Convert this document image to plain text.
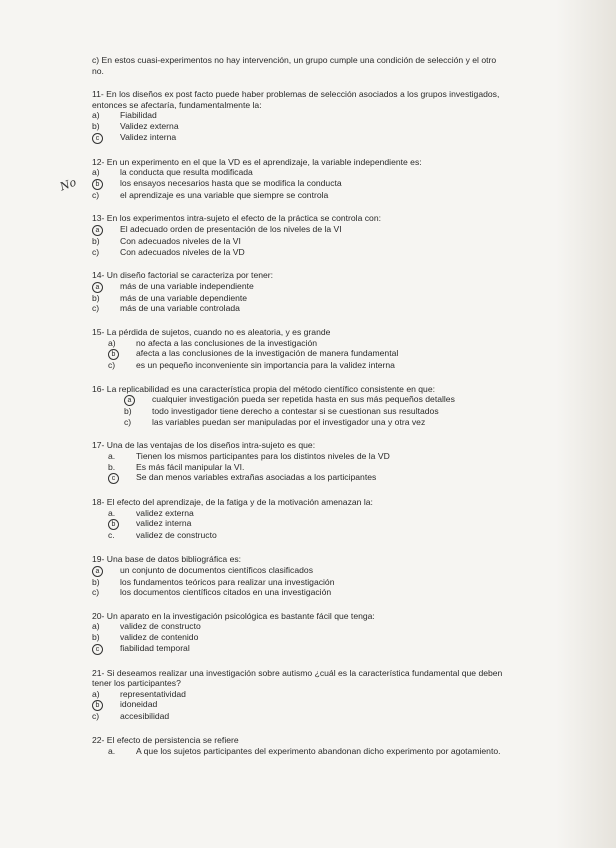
No
c) En estos cuasi-experimentos no hay intervención, un grupo cumple una condición de selección y el otro no.
11- En los diseños ex post facto puede haber problemas de selección asociados a los grupos investigados, entonces se afectaría, fundamentalmente la:
a)	Fiabilidad
b)	Validez externa
c	Validez interna
12- En un experimento en el que la VD es el aprendizaje, la variable independiente es:
a)	la conducta que resulta modificada
b	los ensayos necesarios hasta que se modifica la conducta
c)	el aprendizaje es una variable que siempre se controla
13- En los experimentos intra-sujeto el efecto de la práctica se controla con:
a	El adecuado orden de presentación de los niveles de la VI
b)	Con adecuados niveles de la VI
c)	Con adecuados niveles de la VD
14- Un diseño factorial se caracteriza por tener:
a	más de una variable independiente
b)	más de una variable dependiente
c)	más de una variable controlada
15- La pérdida de sujetos, cuando no es aleatoria, y es grande
a)	no afecta a las conclusiones de la investigación
b	afecta a las conclusiones de la investigación de manera fundamental
c)	es un pequeño inconveniente sin importancia para la validez interna
16- La replicabilidad es una característica propia del método científico consistente en que:
a	cualquier investigación pueda ser repetida hasta en sus más pequeños detalles
b)	todo investigador tiene derecho a contestar si se cuestionan sus resultados
c)	las variables puedan ser manipuladas por el investigador una y otra vez
17- Una de las ventajas de los diseños intra-sujeto es que:
a.	Tienen los mismos participantes para los distintos niveles de la VD
b.	Es más fácil manipular la VI.
c	Se dan menos variables extrañas asociadas a los participantes
18- El efecto del aprendizaje, de la fatiga y de la motivación amenazan la:
a.	validez externa
b	validez interna
c.	validez de constructo
19- Una base de datos bibliográfica es:
a	un conjunto de documentos científicos clasificados
b)	los fundamentos teóricos para realizar una investigación
c)	los documentos científicos citados en una investigación
20- Un aparato en la investigación psicológica es bastante fácil que tenga:
a)	validez de constructo
b)	validez de contenido
c	fiabilidad temporal
21- Si deseamos realizar una investigación sobre autismo ¿cuál es la característica fundamental que deben tener los participantes?
a)	representatividad
b	idoneidad
c)	accesibilidad
22- El efecto de persistencia se refiere
a.	A que los sujetos participantes del experimento abandonan dicho experimento por agotamiento.
